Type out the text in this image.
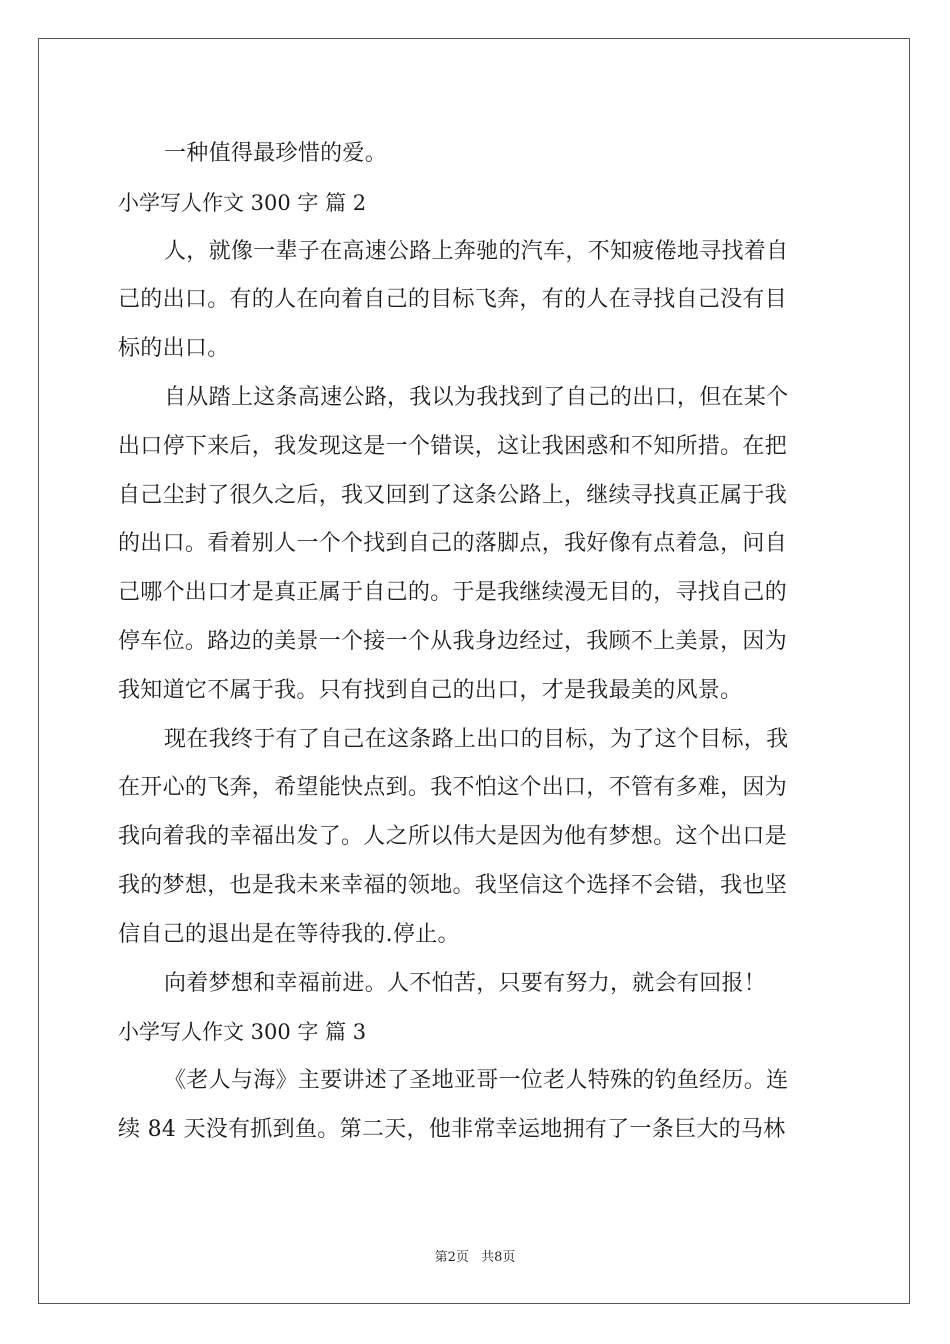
一种值得最珍惜的爱。
小学写人作文 300 字 篇 2
人，就像一辈子在高速公路上奔驰的汽车，不知疲倦地寻找着自
己的出口。有的人在向着自己的目标飞奔，有的人在寻找自己没有目
标的出口。
自从踏上这条高速公路，我以为我找到了自己的出口，但在某个
出口停下来后，我发现这是一个错误，这让我困惑和不知所措。在把
自己尘封了很久之后，我又回到了这条公路上，继续寻找真正属于我
的出口。看着别人一个个找到自己的落脚点，我好像有点着急，问自
己哪个出口才是真正属于自己的。于是我继续漫无目的，寻找自己的
停车位。路边的美景一个接一个从我身边经过，我顾不上美景，因为
我知道它不属于我。只有找到自己的出口，才是我最美的风景。
现在我终于有了自己在这条路上出口的目标，为了这个目标，我
在开心的飞奔，希望能快点到。我不怕这个出口，不管有多难，因为
我向着我的幸福出发了。人之所以伟大是因为他有梦想。这个出口是
我的梦想，也是我未来幸福的领地。我坚信这个选择不会错，我也坚
信自己的退出是在等待我的.停止。
向着梦想和幸福前进。人不怕苦，只要有努力，就会有回报！
小学写人作文 300 字 篇 3
《老人与海》主要讲述了圣地亚哥一位老人特殊的钓鱼经历。连
续 84 天没有抓到鱼。第二天，他非常幸运地拥有了一条巨大的马林
第2页 共8页
